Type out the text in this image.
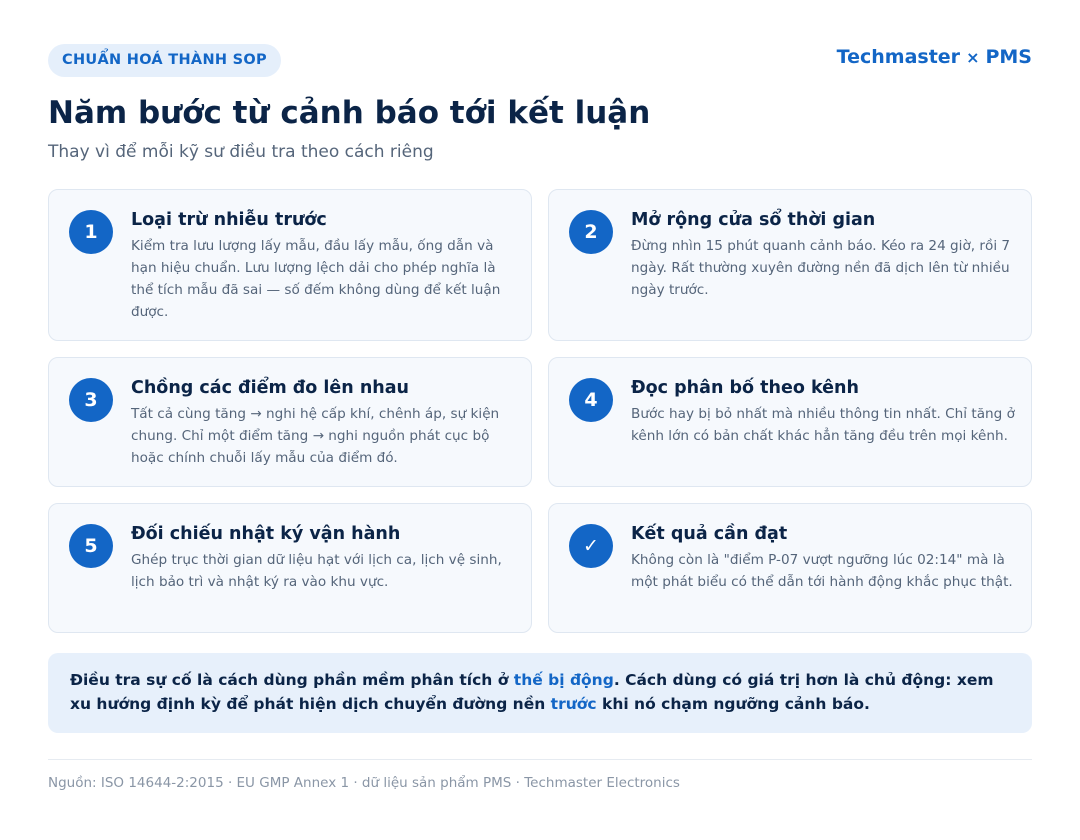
CHUẨN HOÁ THÀNH SOP	Techmaster × PMS
Năm bước từ cảnh báo tới kết luận

Thay vì để mỗi kỹ sư điều tra theo cách riêng

1
Loại trừ nhiễu trước
Kiểm tra lưu lượng lấy mẫu, đầu lấy mẫu, ống dẫn và hạn hiệu chuẩn. Lưu lượng lệch dải cho phép nghĩa là thể tích mẫu đã sai — số đếm không dùng để kết luận được.
2
Mở rộng cửa sổ thời gian
Đừng nhìn 15 phút quanh cảnh báo. Kéo ra 24 giờ, rồi 7 ngày. Rất thường xuyên đường nền đã dịch lên từ nhiều ngày trước.
3
Chồng các điểm đo lên nhau
Tất cả cùng tăng → nghi hệ cấp khí, chênh áp, sự kiện chung. Chỉ một điểm tăng → nghi nguồn phát cục bộ hoặc chính chuỗi lấy mẫu của điểm đó.
4
Đọc phân bố theo kênh
Bước hay bị bỏ nhất mà nhiều thông tin nhất. Chỉ tăng ở kênh lớn có bản chất khác hẳn tăng đều trên mọi kênh.
5
Đối chiếu nhật ký vận hành
Ghép trục thời gian dữ liệu hạt với lịch ca, lịch vệ sinh, lịch bảo trì và nhật ký ra vào khu vực.
✓
Kết quả cần đạt
Không còn là "điểm P-07 vượt ngưỡng lúc 02:14" mà là một phát biểu có thể dẫn tới hành động khắc phục thật.
Điều tra sự cố là cách dùng phần mềm phân tích ở thế bị động. Cách dùng có giá trị hơn là chủ động: xem xu hướng định kỳ để phát hiện dịch chuyển đường nền trước khi nó chạm ngưỡng cảnh báo.
Nguồn: ISO 14644-2:2015 · EU GMP Annex 1 · dữ liệu sản phẩm PMS · Techmaster Electronics
